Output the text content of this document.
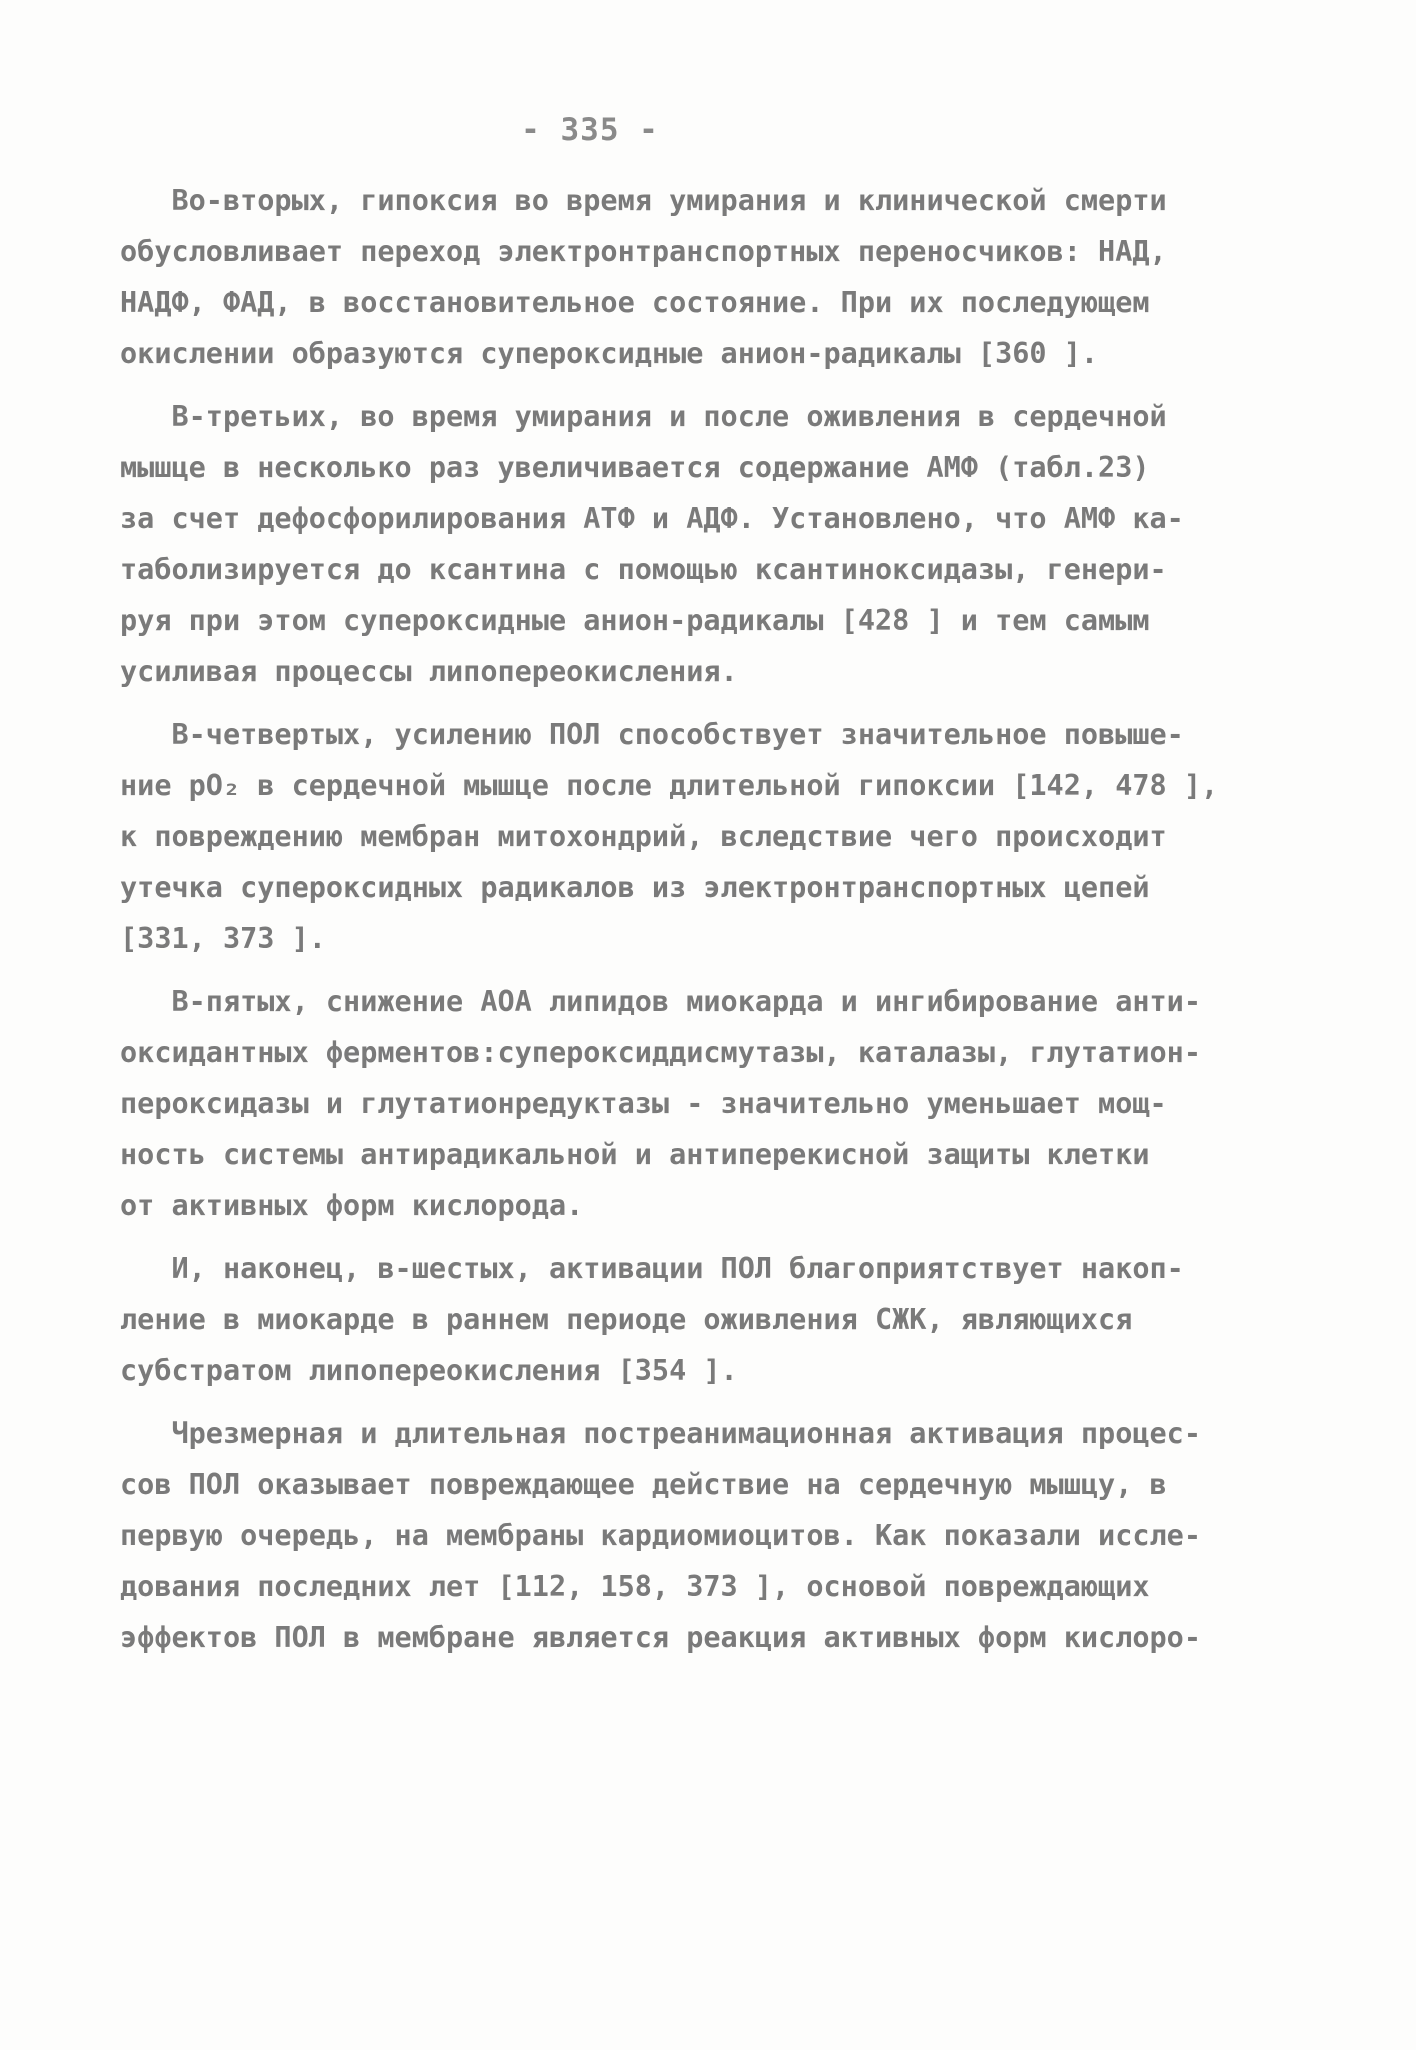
- 335 -
Во-вторых, гипоксия во время умирания и клинической смерти
обусловливает переход электронтранспортных переносчиков: НАД,
НАДФ, ФАД, в восстановительное состояние. При их последующем
окислении образуются супероксидные анион-радикалы [360 ].
В-третьих, во время умирания и после оживления в сердечной
мышце в несколько раз увеличивается содержание АМФ (табл.23)
за счет дефосфорилирования АТФ и АДФ. Установлено, что АМФ ка-
таболизируется до ксантина с помощью ксантиноксидазы, генери-
руя при этом супероксидные анион-радикалы [428 ] и тем самым
усиливая процессы липопереокисления.
В-четвертых, усилению ПОЛ способствует значительное повыше-
ние pO₂ в сердечной мышце после длительной гипоксии [142, 478 ],
к повреждению мембран митохондрий, вследствие чего происходит
утечка супероксидных радикалов из электронтранспортных цепей
[331, 373 ].
В-пятых, снижение АОА липидов миокарда и ингибирование анти-
оксидантных ферментов:супероксиддисмутазы, каталазы, глутатион-
пероксидазы и глутатионредуктазы - значительно уменьшает мощ-
ность системы антирадикальной и антиперекисной защиты клетки
от активных форм кислорода.
И, наконец, в-шестых, активации ПОЛ благоприятствует накоп-
ление в миокарде в раннем периоде оживления СЖК, являющихся
субстратом липопереокисления [354 ].
Чрезмерная и длительная постреанимационная активация процес-
сов ПОЛ оказывает повреждающее действие на сердечную мышцу, в
первую очередь, на мембраны кардиомиоцитов. Как показали иссле-
дования последних лет [112, 158, 373 ], основой повреждающих
эффектов ПОЛ в мембране является реакция активных форм кислоро-
